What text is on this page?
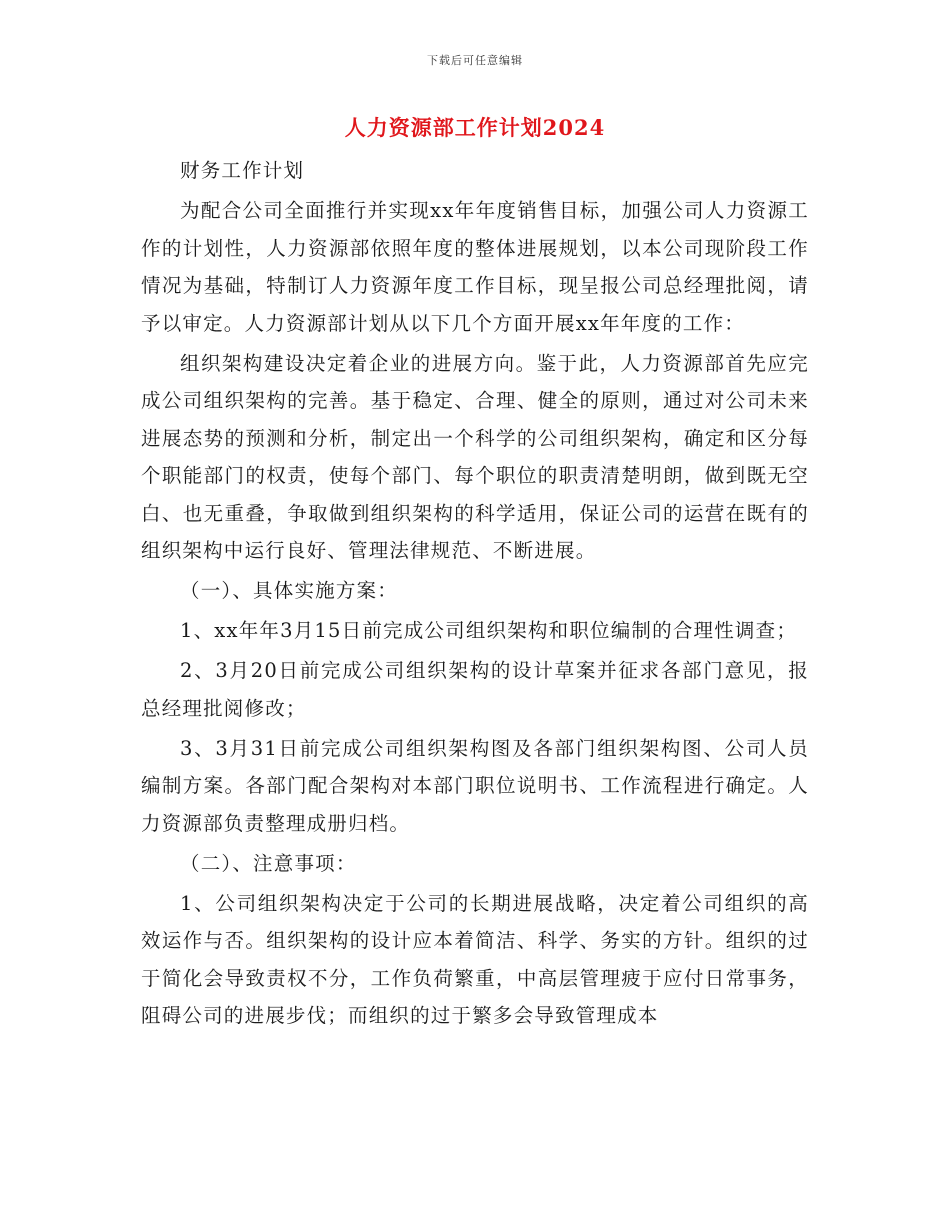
下载后可任意编辑
人力资源部工作计划2024

财务工作计划

为配合公司全面推行并实现xx年年度销售目标，加强公司人力资源工作的计划性，人力资源部依照年度的整体进展规划，以本公司现阶段工作情况为基础，特制订人力资源年度工作目标，现呈报公司总经理批阅，请予以审定。人力资源部计划从以下几个方面开展xx年年度的工作：

组织架构建设决定着企业的进展方向。鉴于此，人力资源部首先应完成公司组织架构的完善。基于稳定、合理、健全的原则，通过对公司未来进展态势的预测和分析，制定出一个科学的公司组织架构，确定和区分每个职能部门的权责，使每个部门、每个职位的职责清楚明朗，做到既无空白、也无重叠，争取做到组织架构的科学适用，保证公司的运营在既有的组织架构中运行良好、管理法律规范、不断进展。

（一）、具体实施方案：

1、xx年年3月15日前完成公司组织架构和职位编制的合理性调查；

2、3月20日前完成公司组织架构的设计草案并征求各部门意见，报总经理批阅修改；

3、3月31日前完成公司组织架构图及各部门组织架构图、公司人员编制方案。各部门配合架构对本部门职位说明书、工作流程进行确定。人力资源部负责整理成册归档。

（二）、注意事项：

1、公司组织架构决定于公司的长期进展战略，决定着公司组织的高效运作与否。组织架构的设计应本着简洁、科学、务实的方针。组织的过于简化会导致责权不分，工作负荷繁重，中高层管理疲于应付日常事务，阻碍公司的进展步伐；而组织的过于繁多会导致管理成本
